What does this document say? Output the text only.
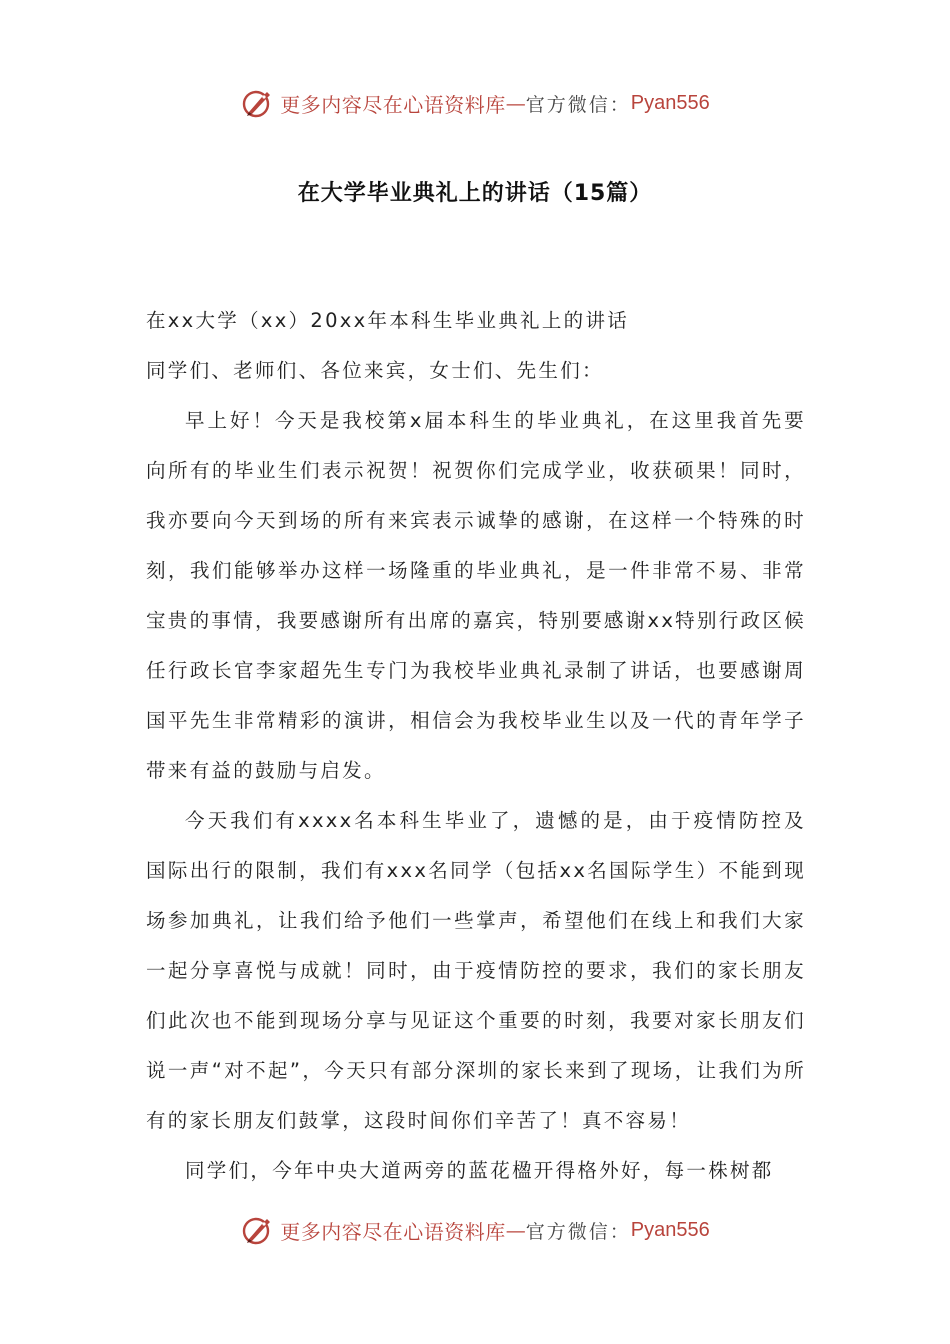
更多内容尽在心语资料库 — 官方微信： Pyan556
在大学毕业典礼上的讲话（15篇）

在xx大学（xx）20xx年本科生毕业典礼上的讲话

同学们、老师们、各位来宾，女士们、先生们：

早上好！今天是我校第x届本科生的毕业典礼，在这里我首先要向所有的毕业生们表示祝贺！祝贺你们完成学业，收获硕果！同时，我亦要向今天到场的所有来宾表示诚挚的感谢，在这样一个特殊的时刻，我们能够举办这样一场隆重的毕业典礼，是一件非常不易、非常宝贵的事情，我要感谢所有出席的嘉宾，特别要感谢xx特别行政区候任行政长官李家超先生专门为我校毕业典礼录制了讲话，也要感谢周国平先生非常精彩的演讲，相信会为我校毕业生以及一代的青年学子带来有益的鼓励与启发。

今天我们有xxxx名本科生毕业了，遗憾的是，由于疫情防控及国际出行的限制，我们有xxx名同学（包括xx名国际学生）不能到现场参加典礼，让我们给予他们一些掌声，希望他们在线上和我们大家一起分享喜悦与成就！同时，由于疫情防控的要求，我们的家长朋友们此次也不能到现场分享与见证这个重要的时刻，我要对家长朋友们说一声“对不起”，今天只有部分深圳的家长来到了现场，让我们为所有的家长朋友们鼓掌，这段时间你们辛苦了！真不容易！

同学们，今年中央大道两旁的蓝花楹开得格外好，每一株树都

更多内容尽在心语资料库 — 官方微信： Pyan556
